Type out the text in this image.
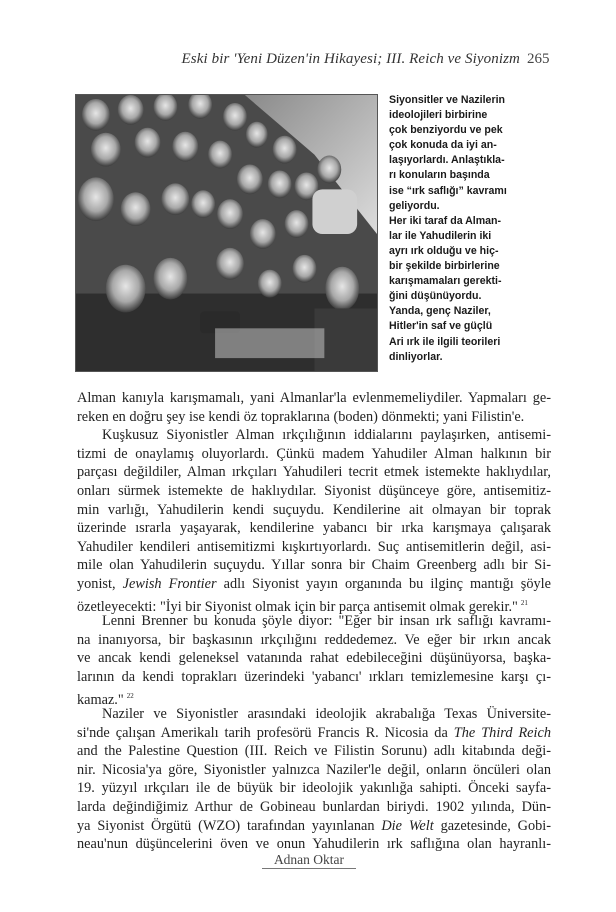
Eski bir 'Yeni Düzen'in Hikayesi; III. Reich ve Siyonizm 265
Siyonsitler ve Nazilerin
ideolojileri birbirine
çok benziyordu ve pek
çok konuda da iyi an-
laşıyorlardı. Anlaştıkla-
rı konuların başında
ise “ırk saflığı” kavramı
geliyordu.
Her iki taraf da Alman-
lar ile Yahudilerin iki
ayrı ırk olduğu ve hiç-
bir şekilde birbirlerine
karışmamaları gerekti-
ğini düşünüyordu.
Yanda, genç Naziler,
Hitler'in saf ve güçlü
Ari ırk ile ilgili teorileri
dinliyorlar.
Alman kanıyla karışmamalı, yani Almanlar'la evlenmemeliydiler. Yapmaları ge-
reken en doğru şey ise kendi öz topraklarına (boden) dönmekti; yani Filistin'e.
Kuşkusuz Siyonistler Alman ırkçılığının iddialarını paylaşırken, antisemi-
tizmi de onaylamış oluyorlardı. Çünkü madem Yahudiler Alman halkının bir
parçası değildiler, Alman ırkçıları Yahudileri tecrit etmek istemekte haklıydılar,
onları sürmek istemekte de haklıydılar. Siyonist düşünceye göre, antisemitiz-
min varlığı, Yahudilerin kendi suçuydu. Kendilerine ait olmayan bir toprak
üzerinde ısrarla yaşayarak, kendilerine yabancı bir ırka karışmaya çalışarak
Yahudiler kendileri antisemitizmi kışkırtıyorlardı. Suç antisemitlerin değil, asi-
mile olan Yahudilerin suçuydu. Yıllar sonra bir Chaim Greenberg adlı bir Si-
yonist, Jewish Frontier adlı Siyonist yayın organında bu ilginç mantığı şöyle
özetleyecekti: "İyi bir Siyonist olmak için bir parça antisemit olmak gerekir." $^{21}$
Lenni Brenner bu konuda şöyle diyor: "Eğer bir insan ırk saflığı kavramı-
na inanıyorsa, bir başkasının ırkçılığını reddedemez. Ve eğer bir ırkın ancak
ve ancak kendi geleneksel vatanında rahat edebileceğini düşünüyorsa, başka-
larının da kendi toprakları üzerindeki 'yabancı' ırkları temizlemesine karşı çı-
kamaz." $^{22}$
Naziler ve Siyonistler arasındaki ideolojik akrabalığa Texas Üniversite-
si'nde çalışan Amerikalı tarih profesörü Francis R. Nicosia da The Third Reich
and the Palestine Question (III. Reich ve Filistin Sorunu) adlı kitabında deği-
nir. Nicosia'ya göre, Siyonistler yalnızca Naziler'le değil, onların öncüleri olan
19. yüzyıl ırkçıları ile de büyük bir ideolojik yakınlığa sahipti. Önceki sayfa-
larda değindiğimiz Arthur de Gobineau bunlardan biriydi. 1902 yılında, Dün-
ya Siyonist Örgütü (WZO) tarafından yayınlanan Die Welt gazetesinde, Gobi-
neau'nun düşüncelerini öven ve onun Yahudilerin ırk saflığına olan hayranlı-
Adnan Oktar
